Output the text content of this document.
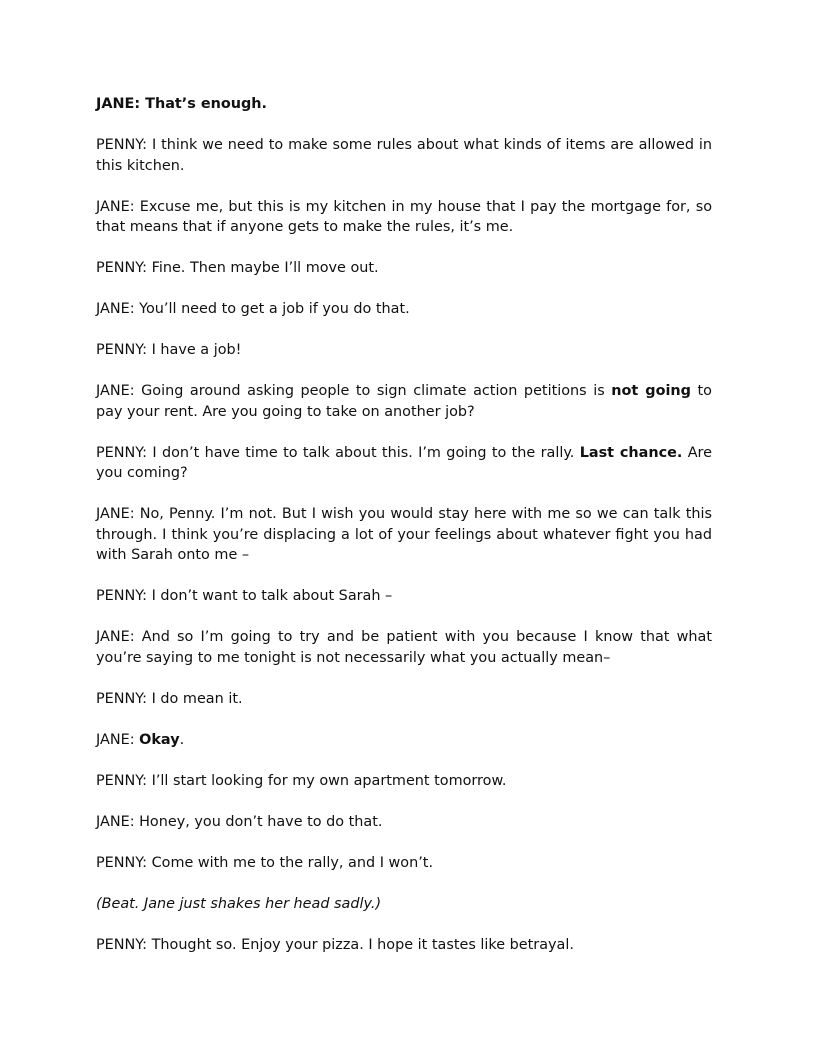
JANE: That’s enough.

PENNY: I think we need to make some rules about what kinds of items are allowed in this kitchen.

JANE: Excuse me, but this is my kitchen in my house that I pay the mortgage for, so that means that if anyone gets to make the rules, it’s me.

PENNY: Fine. Then maybe I’ll move out.

JANE: You’ll need to get a job if you do that.

PENNY: I have a job!

JANE: Going around asking people to sign climate action petitions is not going to pay your rent. Are you going to take on another job?

PENNY: I don’t have time to talk about this. I’m going to the rally. Last chance. Are you coming?

JANE: No, Penny. I’m not. But I wish you would stay here with me so we can talk this through. I think you’re displacing a lot of your feelings about whatever fight you had with Sarah onto me –

PENNY: I don’t want to talk about Sarah –

JANE: And so I’m going to try and be patient with you because I know that what you’re saying to me tonight is not necessarily what you actually mean–

PENNY: I do mean it.

JANE: Okay.

PENNY: I’ll start looking for my own apartment tomorrow.

JANE: Honey, you don’t have to do that.

PENNY: Come with me to the rally, and I won’t.

(Beat. Jane just shakes her head sadly.)

PENNY: Thought so. Enjoy your pizza. I hope it tastes like betrayal.
